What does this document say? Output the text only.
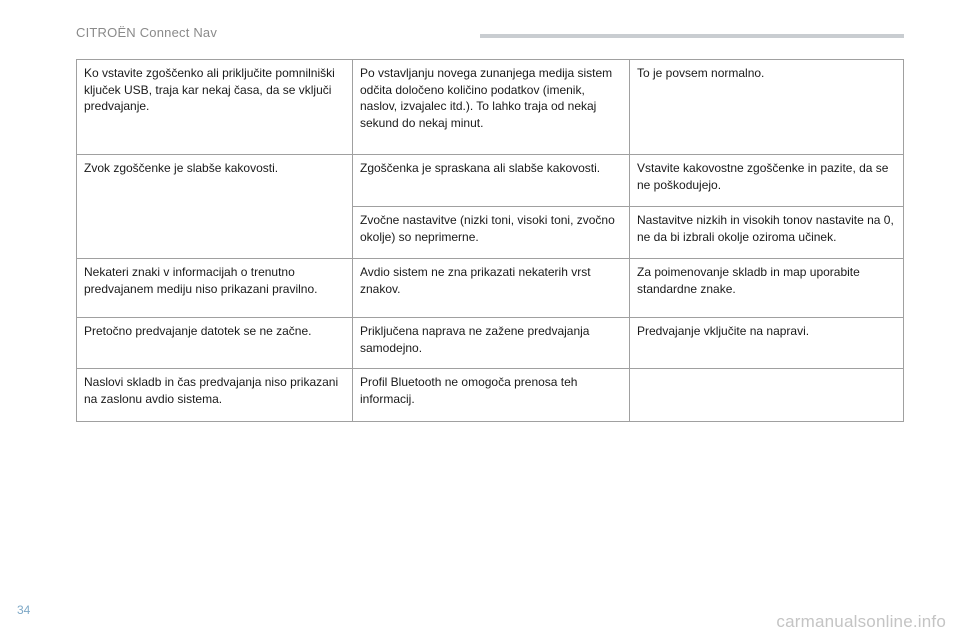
CITROËN Connect Nav
Ko vstavite zgoščenko ali priključite pomnilniški ključek USB, traja kar nekaj časa, da se vključi predvajanje.	Po vstavljanju novega zunanjega medija sistem odčita določeno količino podatkov (imenik, naslov, izvajalec itd.). To lahko traja od nekaj sekund do nekaj minut.	To je povsem normalno.
Zvok zgoščenke je slabše kakovosti.	Zgoščenka je spraskana ali slabše kakovosti.	Vstavite kakovostne zgoščenke in pazite, da se ne poškodujejo.
	Zvočne nastavitve (nizki toni, visoki toni, zvočno okolje) so neprimerne.	Nastavitve nizkih in visokih tonov nastavite na 0, ne da bi izbrali okolje oziroma učinek.
Nekateri znaki v informacijah o trenutno predvajanem mediju niso prikazani pravilno.	Avdio sistem ne zna prikazati nekaterih vrst znakov.	Za poimenovanje skladb in map uporabite standardne znake.
Pretočno predvajanje datotek se ne začne.	Priključena naprava ne zažene predvajanja samodejno.	Predvajanje vključite na napravi.
Naslovi skladb in čas predvajanja niso prikazani na zaslonu avdio sistema.	Profil Bluetooth ne omogoča prenosa teh informacij.	
34
carmanualsonline.info
